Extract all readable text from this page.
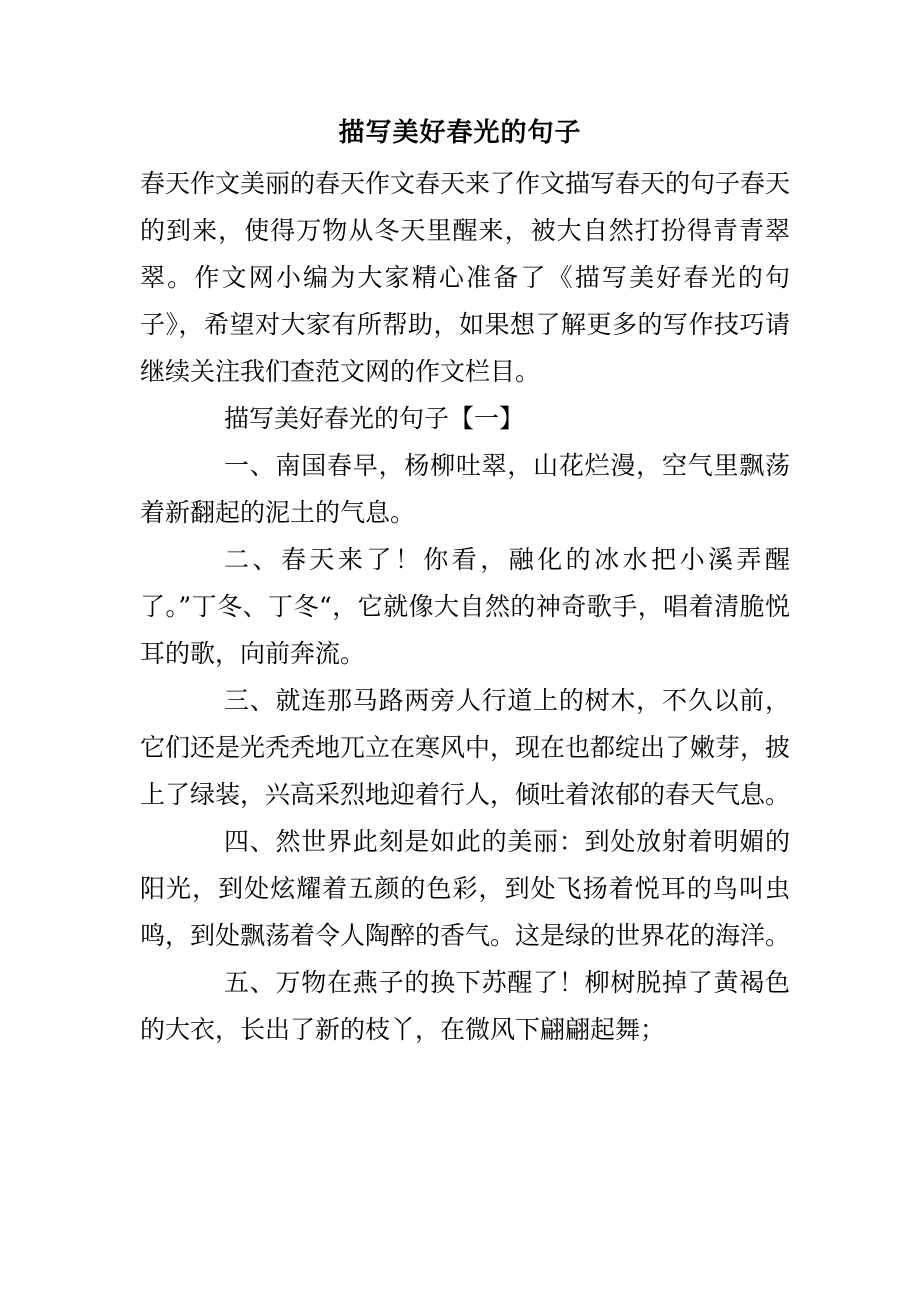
描写美好春光的句子

春天作文美丽的春天作文春天来了作文描写春天的句子春天的到来，使得万物从冬天里醒来，被大自然打扮得青青翠翠。作文网小编为大家精心准备了《描写美好春光的句子》，希望对大家有所帮助，如果想了解更多的写作技巧请继续关注我们查范文网的作文栏目。

描写美好春光的句子【一】

一、南国春早，杨柳吐翠，山花烂漫，空气里飘荡着新翻起的泥土的气息。

二、春天来了！你看，融化的冰水把小溪弄醒了。”丁冬、丁冬“，它就像大自然的神奇歌手，唱着清脆悦耳的歌，向前奔流。

三、就连那马路两旁人行道上的树木，不久以前，它们还是光秃秃地兀立在寒风中，现在也都绽出了嫩芽，披上了绿装，兴高采烈地迎着行人，倾吐着浓郁的春天气息。

四、然世界此刻是如此的美丽：到处放射着明媚的阳光，到处炫耀着五颜的色彩，到处飞扬着悦耳的鸟叫虫鸣，到处飘荡着令人陶醉的香气。这是绿的世界花的海洋。

五、万物在燕子的换下苏醒了！柳树脱掉了黄褐色的大衣，长出了新的枝丫，在微风下翩翩起舞；
